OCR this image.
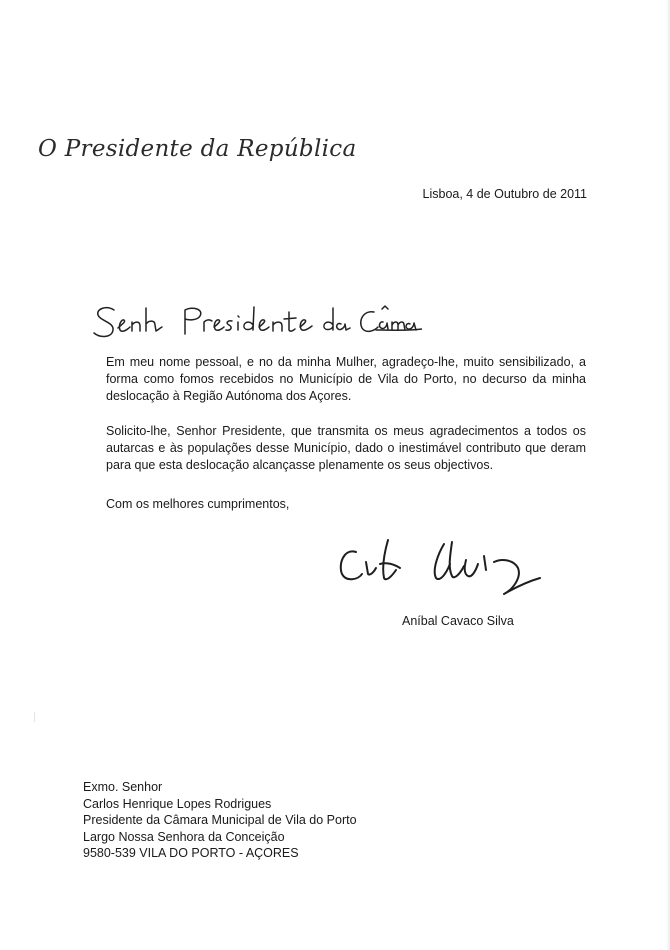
O Presidente da República
Lisboa, 4 de Outubro de 2011
Em meu nome pessoal, e no da minha Mulher, agradeço-lhe, muito sensibilizado, a forma como fomos recebidos no Município de Vila do Porto, no decurso da minha deslocação à Região Autónoma dos Açores.
Solicito-lhe, Senhor Presidente, que transmita os meus agradecimentos a todos os autarcas e às populações desse Município, dado o inestimável contributo que deram para que esta deslocação alcançasse plenamente os seus objectivos.
Com os melhores cumprimentos,
Aníbal Cavaco Silva
Exmo. Senhor
Carlos Henrique Lopes Rodrigues
Presidente da Câmara Municipal de Vila do Porto
Largo Nossa Senhora da Conceição
9580-539 VILA DO PORTO - AÇORES
